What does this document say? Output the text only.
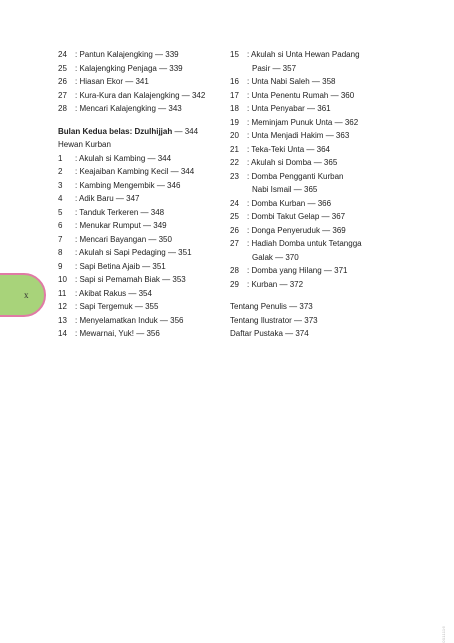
x
24	: Pantun Kalajengking — 339
25	: Kalajengking Penjaga — 339
26	: Hiasan Ekor — 341
27	: Kura-Kura dan Kalajengking — 342
28	: Mencari Kalajengking — 343
Bulan Kedua belas: Dzulhijjah — 344
Hewan Kurban
1	: Akulah si Kambing — 344
2	: Keajaiban Kambing Kecil — 344
3	: Kambing Mengembik — 346
4	: Adik Baru — 347
5	: Tanduk Terkeren — 348
6	: Menukar Rumput — 349
7	: Mencari Bayangan — 350
8	: Akulah si Sapi Pedaging — 351
9	: Sapi Betina Ajaib — 351
10	: Sapi si Pemamah Biak — 353
11	: Akibat Rakus — 354
12	: Sapi Tergemuk — 355
13	: Menyelamatkan Induk — 356
14	: Mewarnai, Yuk! — 356
15	: Akulah si Unta Hewan Padang
Pasir — 357
16	: Unta Nabi Saleh — 358
17	: Unta Penentu Rumah — 360
18	: Unta Penyabar — 361
19	: Meminjam Punuk Unta — 362
20	: Unta Menjadi Hakim — 363
21	: Teka-Teki Unta — 364
22	: Akulah si Domba — 365
23	: Domba Pengganti Kurban
Nabi Ismail — 365
24	: Domba Kurban — 366
25	: Dombi Takut Gelap — 367
26	: Donga Penyeruduk — 369
27	: Hadiah Domba untuk Tetangga
Galak — 370
28	: Domba yang Hilang — 371
29	: Kurban — 372
Tentang Penulis — 373
Tentang Ilustrator — 373
Daftar Pustaka — 374
0011116
